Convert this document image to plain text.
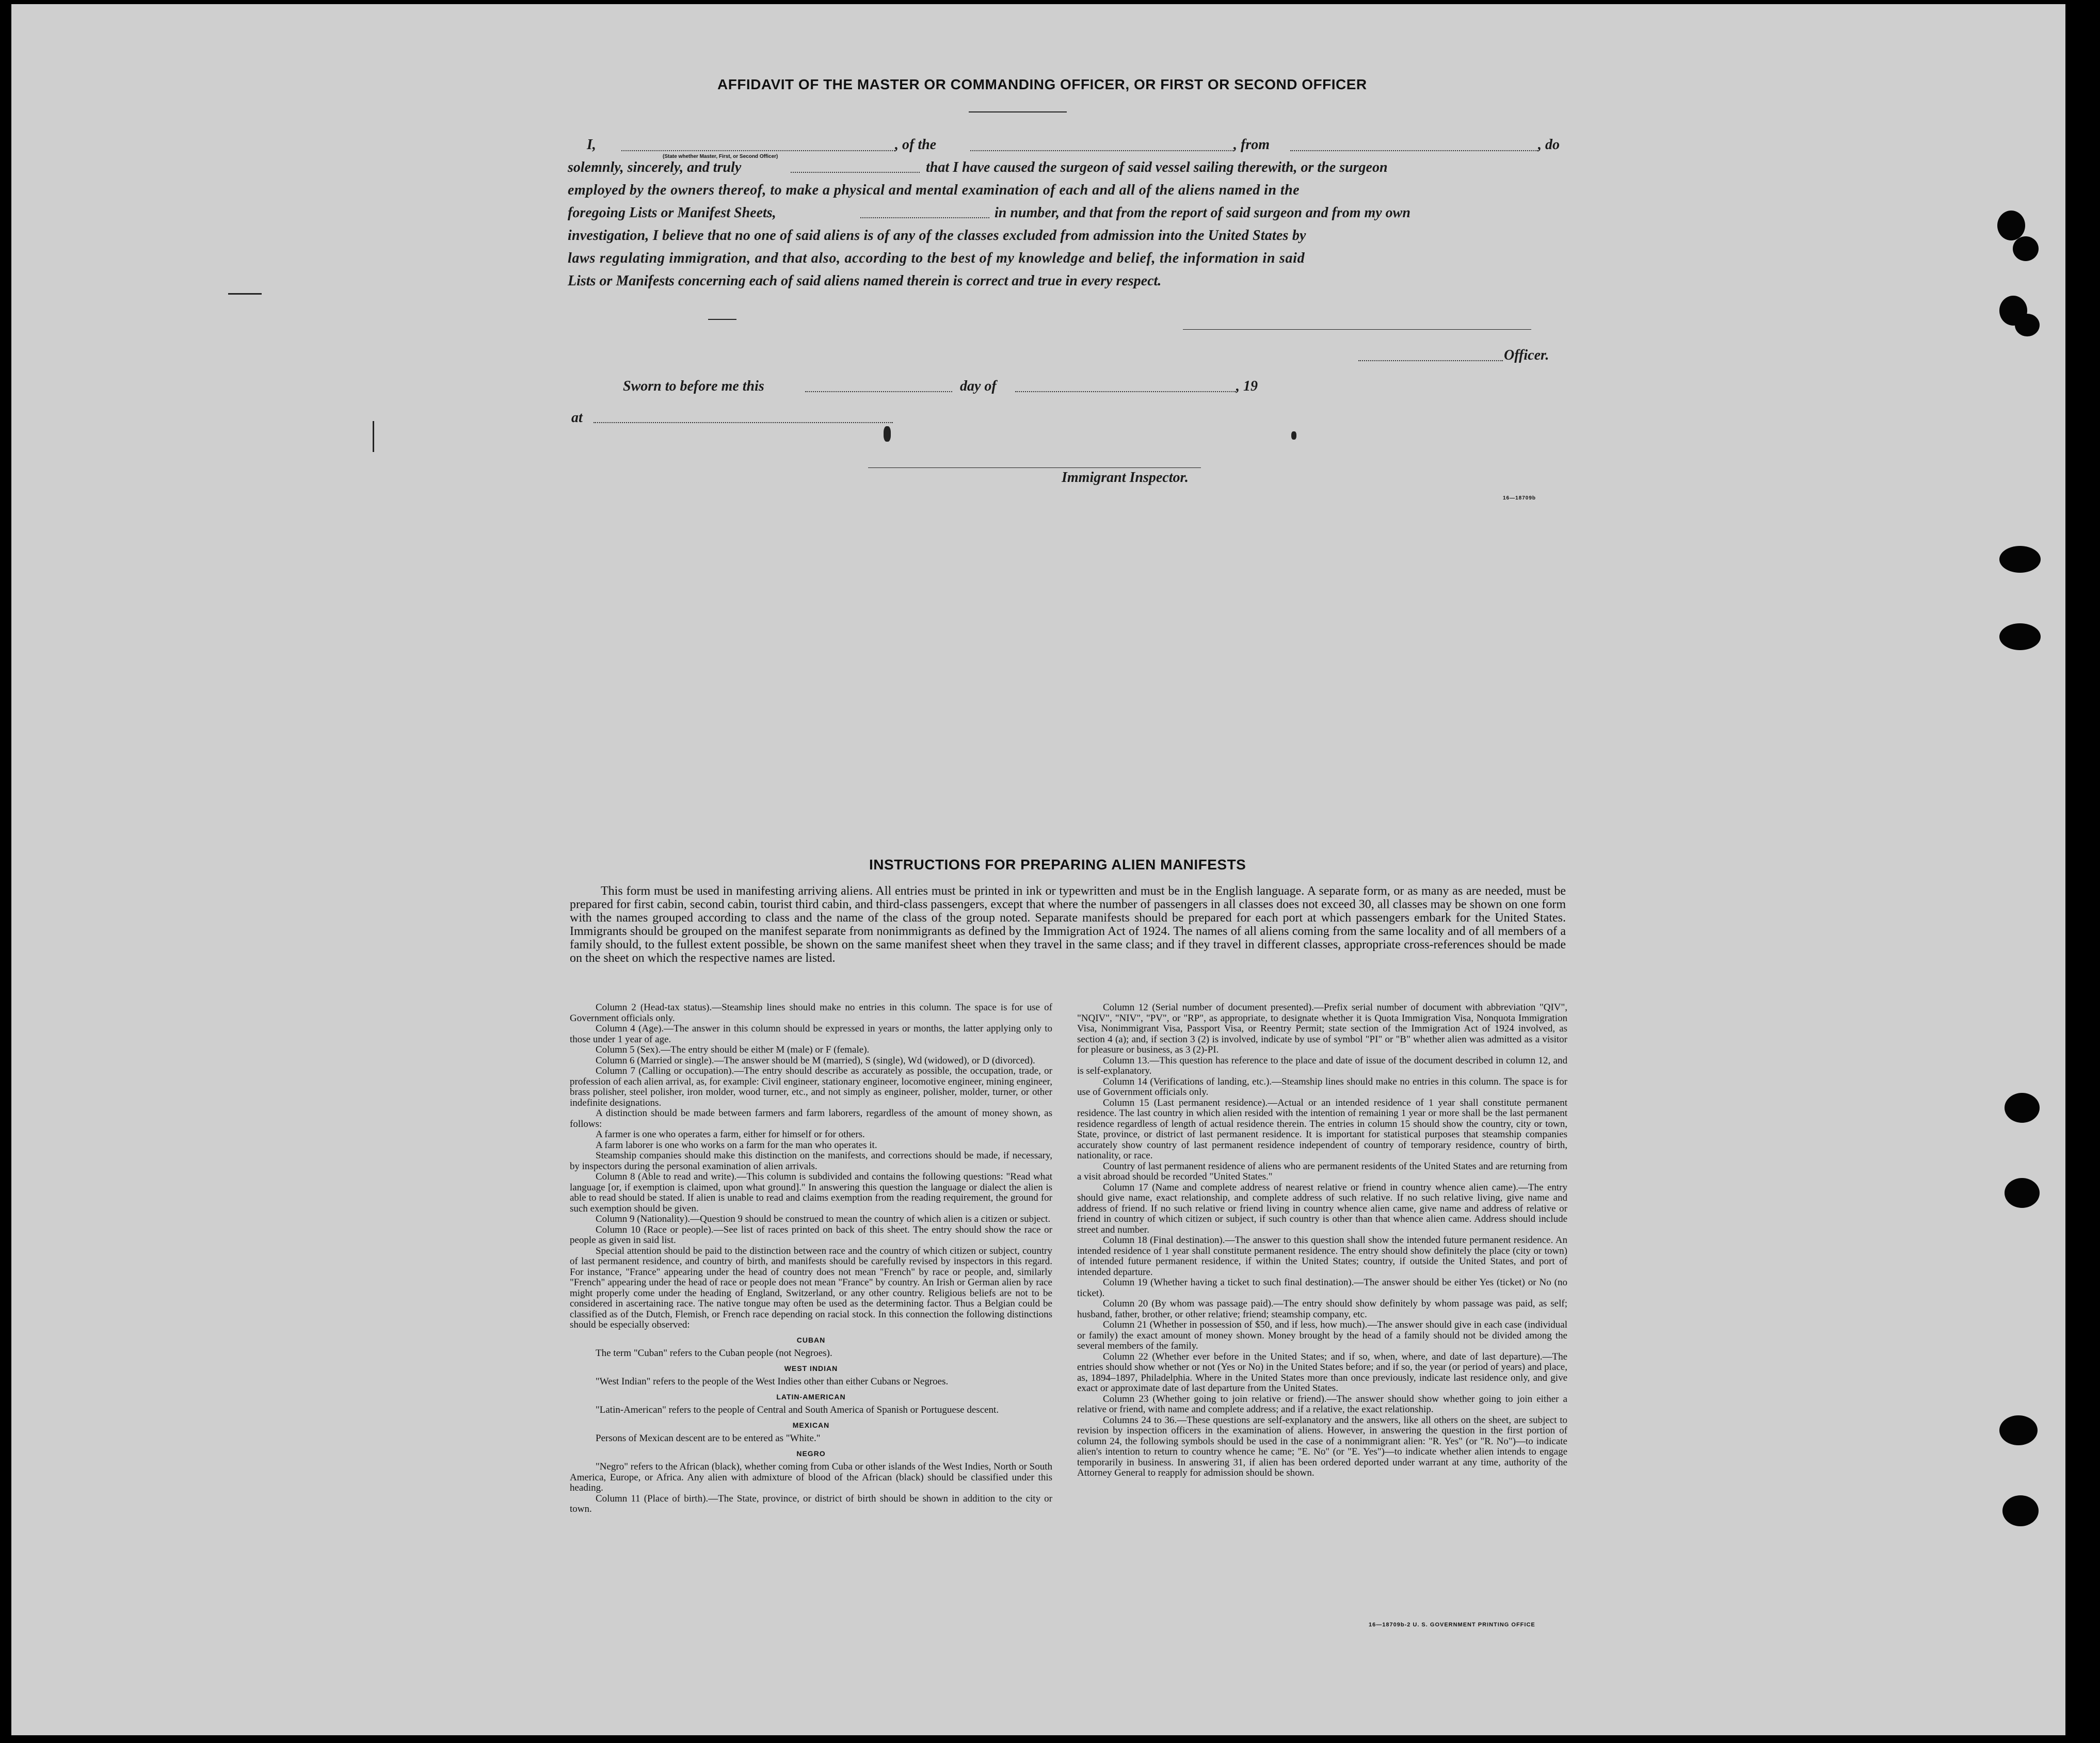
AFFIDAVIT OF THE MASTER OR COMMANDING OFFICER, OR FIRST OR SECOND OFFICER
I,
(State whether Master, First, or Second Officer)
, of the	, from	, do
solemnly, sincerely, and truly	that I have caused the surgeon of said vessel sailing therewith, or the surgeon
employed by the owners thereof, to make a physical and mental examination of each and all of the aliens named in the
foregoing Lists or Manifest Sheets,	in number, and that from the report of said surgeon and from my own
investigation, I believe that no one of said aliens is of any of the classes excluded from admission into the United States by
laws regulating immigration, and that also, according to the best of my knowledge and belief, the information in said
Lists or Manifests concerning each of said aliens named therein is correct and true in every respect.
Officer.
Sworn to before me this	day of	, 19
at
Immigrant Inspector.
16—18709b
INSTRUCTIONS FOR PREPARING ALIEN MANIFESTS
This form must be used in manifesting arriving aliens. All entries must be printed in ink or typewritten and must be in the English language. A separate form, or as many as are needed, must be prepared for first cabin, second cabin, tourist third cabin, and third-class passengers, except that where the number of passengers in all classes does not exceed 30, all classes may be shown on one form with the names grouped according to class and the name of the class of the group noted. Separate manifests should be prepared for each port at which passengers embark for the United States. Immigrants should be grouped on the manifest separate from nonimmigrants as defined by the Immigration Act of 1924. The names of all aliens coming from the same locality and of all members of a family should, to the fullest extent possible, be shown on the same manifest sheet when they travel in the same class; and if they travel in different classes, appropriate cross-references should be made on the sheet on which the respective names are listed.

Column 2 (Head-tax status).—Steamship lines should make no entries in this column. The space is for use of Government officials only.

Column 4 (Age).—The answer in this column should be expressed in years or months, the latter applying only to those under 1 year of age.

Column 5 (Sex).—The entry should be either M (male) or F (female).

Column 6 (Married or single).—The answer should be M (married), S (single), Wd (widowed), or D (divorced).

Column 7 (Calling or occupation).—The entry should describe as accurately as possible, the occupation, trade, or profession of each alien arrival, as, for example: Civil engineer, stationary engineer, locomotive engineer, mining engineer, brass polisher, steel polisher, iron molder, wood turner, etc., and not simply as engineer, polisher, molder, turner, or other indefinite designations.

A distinction should be made between farmers and farm laborers, regardless of the amount of money shown, as follows:

A farmer is one who operates a farm, either for himself or for others.

A farm laborer is one who works on a farm for the man who operates it.

Steamship companies should make this distinction on the manifests, and corrections should be made, if necessary, by inspectors during the personal examination of alien arrivals.

Column 8 (Able to read and write).—This column is subdivided and contains the following questions: "Read what language [or, if exemption is claimed, upon what ground]." In answering this question the language or dialect the alien is able to read should be stated. If alien is unable to read and claims exemption from the reading requirement, the ground for such exemption should be given.

Column 9 (Nationality).—Question 9 should be construed to mean the country of which alien is a citizen or subject.

Column 10 (Race or people).—See list of races printed on back of this sheet. The entry should show the race or people as given in said list.

Special attention should be paid to the distinction between race and the country of which citizen or subject, country of last permanent residence, and country of birth, and manifests should be carefully revised by inspectors in this regard. For instance, "France" appearing under the head of country does not mean "French" by race or people, and, similarly "French" appearing under the head of race or people does not mean "France" by country. An Irish or German alien by race might properly come under the heading of England, Switzerland, or any other country. Religious beliefs are not to be considered in ascertaining race. The native tongue may often be used as the determining factor. Thus a Belgian could be classified as of the Dutch, Flemish, or French race depending on racial stock. In this connection the following distinctions should be especially observed:

CUBAN

The term "Cuban" refers to the Cuban people (not Negroes).

WEST INDIAN

"West Indian" refers to the people of the West Indies other than either Cubans or Negroes.

LATIN-AMERICAN

"Latin-American" refers to the people of Central and South America of Spanish or Portuguese descent.

MEXICAN

Persons of Mexican descent are to be entered as "White."

NEGRO

"Negro" refers to the African (black), whether coming from Cuba or other islands of the West Indies, North or South America, Europe, or Africa. Any alien with admixture of blood of the African (black) should be classified under this heading.

Column 11 (Place of birth).—The State, province, or district of birth should be shown in addition to the city or town.

Column 12 (Serial number of document presented).—Prefix serial number of document with abbreviation "QIV", "NQIV", "NIV", "PV", or "RP", as appropriate, to designate whether it is Quota Immigration Visa, Nonquota Immigration Visa, Nonimmigrant Visa, Passport Visa, or Reentry Permit; state section of the Immigration Act of 1924 involved, as section 4 (a); and, if section 3 (2) is involved, indicate by use of symbol "PI" or "B" whether alien was admitted as a visitor for pleasure or business, as 3 (2)-PI.

Column 13.—This question has reference to the place and date of issue of the document described in column 12, and is self-explanatory.

Column 14 (Verifications of landing, etc.).—Steamship lines should make no entries in this column. The space is for use of Government officials only.

Column 15 (Last permanent residence).—Actual or an intended residence of 1 year shall constitute permanent residence. The last country in which alien resided with the intention of remaining 1 year or more shall be the last permanent residence regardless of length of actual residence therein. The entries in column 15 should show the country, city or town, State, province, or district of last permanent residence. It is important for statistical purposes that steamship companies accurately show country of last permanent residence independent of country of temporary residence, country of birth, nationality, or race.

Country of last permanent residence of aliens who are permanent residents of the United States and are returning from a visit abroad should be recorded "United States."

Column 17 (Name and complete address of nearest relative or friend in country whence alien came).—The entry should give name, exact relationship, and complete address of such relative. If no such relative living, give name and address of friend. If no such relative or friend living in country whence alien came, give name and address of relative or friend in country of which citizen or subject, if such country is other than that whence alien came. Address should include street and number.

Column 18 (Final destination).—The answer to this question shall show the intended future permanent residence. An intended residence of 1 year shall constitute permanent residence. The entry should show definitely the place (city or town) of intended future permanent residence, if within the United States; country, if outside the United States, and port of intended departure.

Column 19 (Whether having a ticket to such final destination).—The answer should be either Yes (ticket) or No (no ticket).

Column 20 (By whom was passage paid).—The entry should show definitely by whom passage was paid, as self; husband, father, brother, or other relative; friend; steamship company, etc.

Column 21 (Whether in possession of $50, and if less, how much).—The answer should give in each case (individual or family) the exact amount of money shown. Money brought by the head of a family should not be divided among the several members of the family.

Column 22 (Whether ever before in the United States; and if so, when, where, and date of last departure).—The entries should show whether or not (Yes or No) in the United States before; and if so, the year (or period of years) and place, as, 1894–1897, Philadelphia. Where in the United States more than once previously, indicate last residence only, and give exact or approximate date of last departure from the United States.

Column 23 (Whether going to join relative or friend).—The answer should show whether going to join either a relative or friend, with name and complete address; and if a relative, the exact relationship.

Columns 24 to 36.—These questions are self-explanatory and the answers, like all others on the sheet, are subject to revision by inspection officers in the examination of aliens. However, in answering the question in the first portion of column 24, the following symbols should be used in the case of a nonimmigrant alien: "R. Yes" (or "R. No")—to indicate alien's intention to return to country whence he came; "E. No" (or "E. Yes")—to indicate whether alien intends to engage temporarily in business. In answering 31, if alien has been ordered deported under warrant at any time, authority of the Attorney General to reapply for admission should be shown.

16—18709b-2 U. S. GOVERNMENT PRINTING OFFICE
